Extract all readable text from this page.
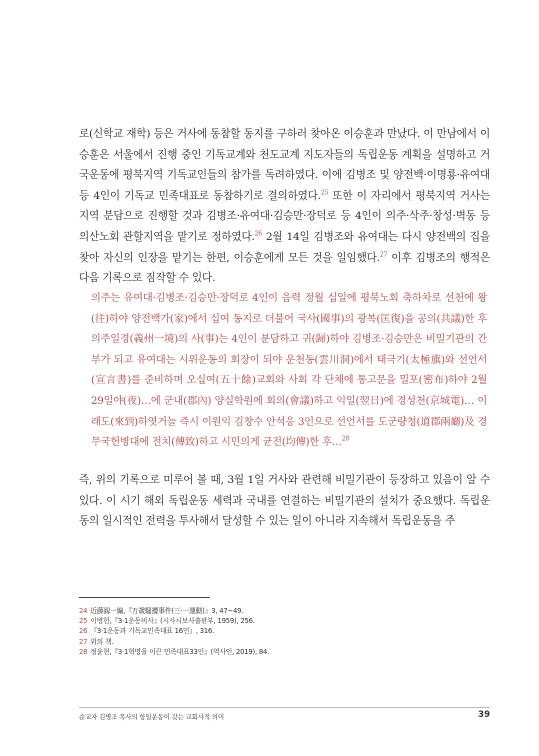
로(신학교 재학) 등은 거사에 동참할 동지를 구하러 찾아온 이승훈과 만났다. 이 만남에서 이승훈은 서울에서 진행 중인 기독교계와 천도교계 지도자들의 독립운동 계획을 설명하고 거국운동에 평북지역 기독교인들의 참가를 독려하였다. 이에 김병조 및 양전백·이명룡·유여대 등 4인이 기독교 민족대표로 동참하기로 결의하였다.$^{25}$ 또한 이 자리에서 평북지역 거사는 지역 분담으로 진행할 것과 김병조·유여대·김승만·장덕로 등 4인이 의주·삭주·창성·벽동 등 의산노회 관할지역을 맡기로 정하였다.$^{26}$ 2월 14일 김병조와 유여대는 다시 양전백의 집을 찾아 자신의 인장을 맡기는 한편, 이승훈에게 모든 것을 일임했다.$^{27}$ 이후 김병조의 행적은 다음 기록으로 짐작할 수 있다.

의주는 유여대·김병조·김승만·장덕로 4인이 음력 정월 십일에 평북노회 축하차로 선천에 왕(往)하야 양전백가(家)에서 십여 동지로 더불어 국사(國事)의 광복(匡復)을 공의(共議)한 후 의주일경(義州一境)의 사(事)는 4인이 분담하고 귀(歸)하야 김병조·김승만은 비밀기관의 간부가 되고 유여대는 시위운동의 회장이 되야 운천동(雲川洞)에서 태극기(太極旗)와 선언서(宣言書)를 준비하며 오십여(五十餘)교회와 사회 각 단체에 통고문을 밀포(密布)하야 2월 29일야(夜)…에 군내(郡內) 양실학원에 회의(會議)하고 익일(翌日)에 경성천(京城電)… 이 래도(來到)하엿거늘 즉시 이원익 김창수 안석응 3인으로 선언서를 도군량청(道郡兩廳)及 경무국헌병대에 전치(傳致)하고 시민의게 균전(均傳)한 후…$^{28}$

즉, 위의 기록으로 미루어 볼 때, 3월 1일 거사와 관련해 비밀기관이 등장하고 있음이 알 수 있다. 이 시기 해외 독립운동 세력과 국내를 연결하는 비밀기관의 설치가 중요했다. 독립운동의 일시적인 전력을 투사해서 달성할 수 있는 일이 아니라 지속해서 독립운동을 주

24 近藤釼一編,『万歳騷擾事件(三·一運動)』3, 47~49.
25 이병헌,『3·1운동비사』(시사시보사출판부, 1959), 256.
26 『3·1운동과 기독교민족대표 16인』, 316.
27 위의 책.
28 정윤현,『3·1혁명을 이끈 민족대표33인』(역사인, 2019), 84.
순교자 김병조 목사의 항일운동이 갖는 교회사적 의미	39
